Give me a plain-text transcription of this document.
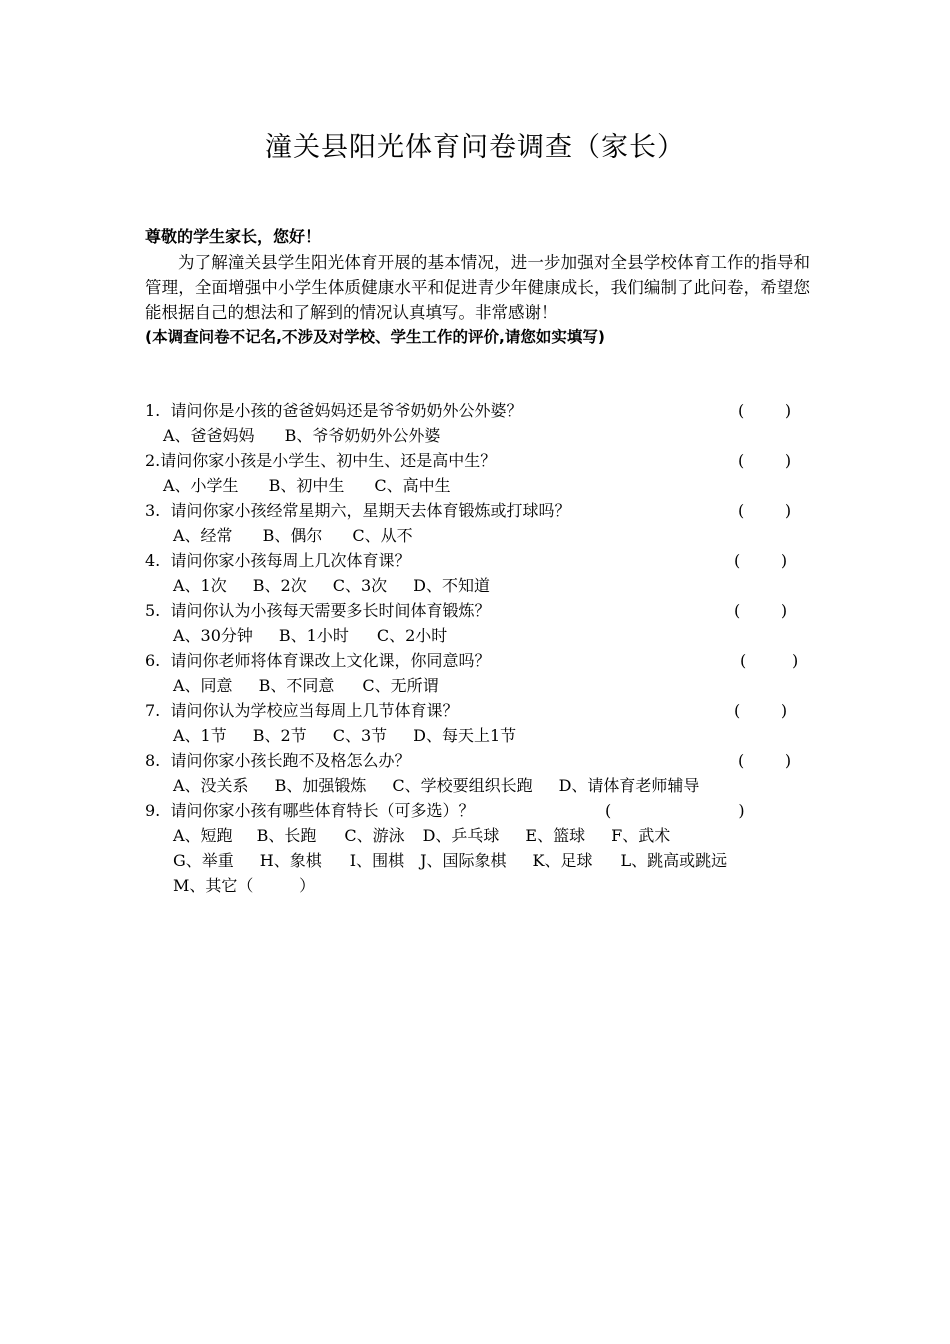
潼关县阳光体育问卷调查（家长）
尊敬的学生家长，您好！
为了解潼关县学生阳光体育开展的基本情况，进一步加强对全县学校体育工作的指导和管理，全面增强中小学生体质健康水平和促进青少年健康成长，我们编制了此问卷，希望您能根据自己的想法和了解到的情况认真填写。非常感谢！
(本调查问卷不记名,不涉及对学校、学生工作的评价,请您如实填写)
1.  请问你是小孩的爸爸妈妈还是爷爷奶奶外公外婆？	(        )
A、爸爸妈妈 B、爷爷奶奶外公外婆
2.请问你家小孩是小学生、初中生、还是高中生？	(        )
A、小学生 B、初中生 C、高中生
3.  请问你家小孩经常星期六，星期天去体育锻炼或打球吗？	(        )
A、经常 B、偶尔 C、从不
4.  请问你家小孩每周上几次体育课？	(        )
A、1次 B、2次 C、3次 D、不知道
5.  请问你认为小孩每天需要多长时间体育锻炼？	(        )
A、30分钟 B、1小时 C、2小时
6.  请问你老师将体育课改上文化课，你同意吗？	(         )
A、同意 B、不同意 C、无所谓
7.  请问你认为学校应当每周上几节体育课？	(        )
A、1节 B、2节 C、3节 D、每天上1节
8.  请问你家小孩长跑不及格怎么办？	(        )
A、没关系 B、加强锻炼 C、学校要组织长跑 D、请体育老师辅导
9.  请问你家小孩有哪些体育特长（可多选）？	(                         )
A、短跑 B、长跑 C、游泳 D、乒乓球 E、篮球 F、武术
G、举重 H、象棋 I、围棋 J、国际象棋 K、足球 L、跳高或跳远
M、其它（         ）
